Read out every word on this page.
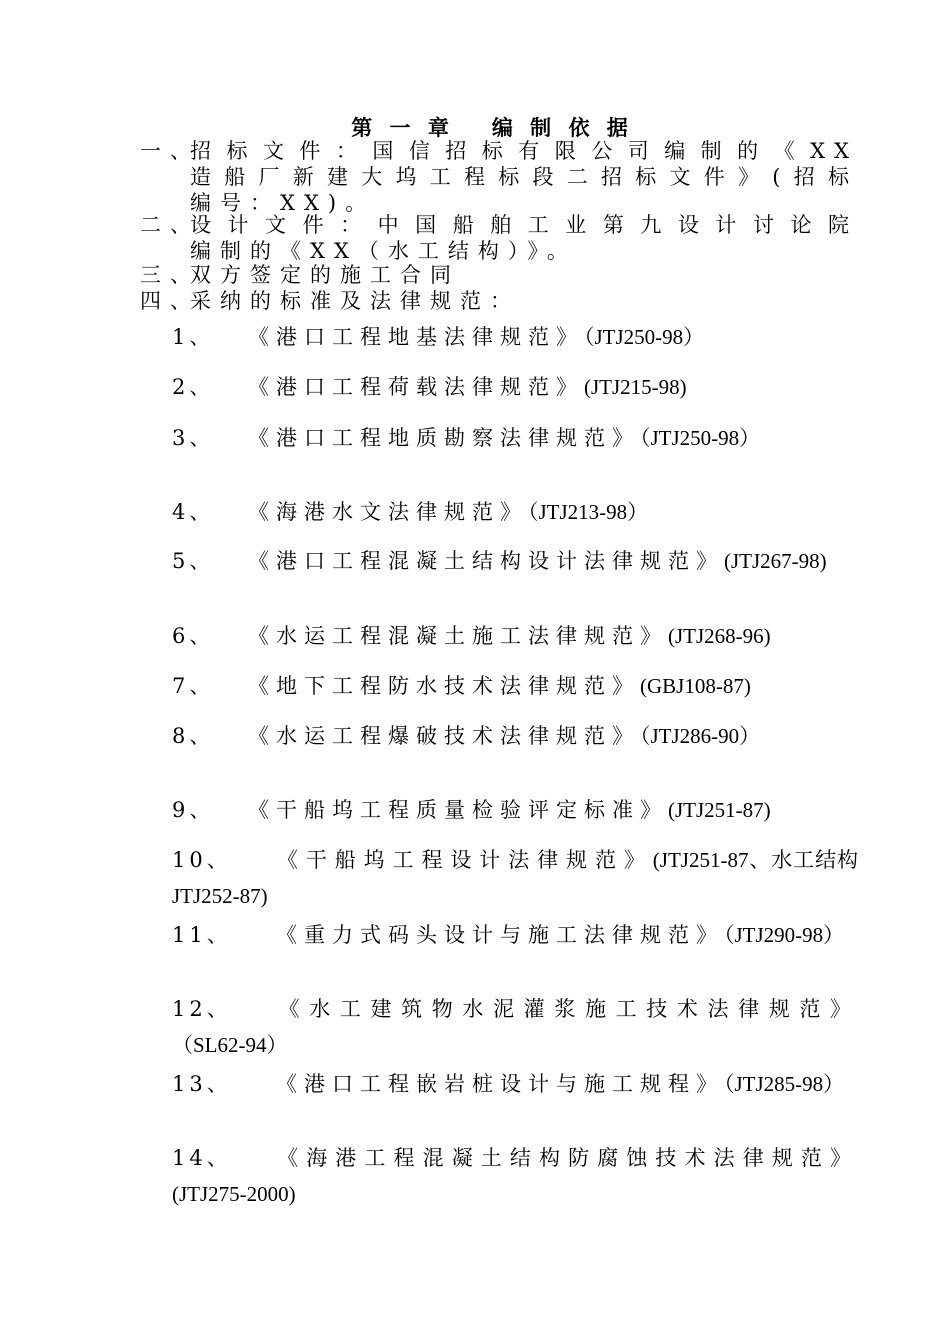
第 一 章 编 制 依 据
一、
招标文件：国信招标有限公司编制的《XX
造船厂新建大坞工程标段二招标文件》(招标
编号：XX)。
二、
设计文件：中国船舶工业第九设计讨论院
编制的《XX（水工结构）》。
三、
双方签定的施工合同
四、
采纳的标准及法律规范：
1、 《港口工程地基法律规范》（JTJ250-98）
2、 《港口工程荷载法律规范》(JTJ215-98)
3、 《港口工程地质勘察法律规范》（JTJ250-98）
4、 《海港水文法律规范》（JTJ213-98）
5、 《港口工程混凝土结构设计法律规范》(JTJ267-98)
6、 《水运工程混凝土施工法律规范》(JTJ268-96)
7、 《地下工程防水技术法律规范》(GBJ108-87)
8、 《水运工程爆破技术法律规范》（JTJ286-90）
9、 《干船坞工程质量检验评定标准》(JTJ251-87)
10、 《干船坞工程设计法律规范》(JTJ251-87、水工结构 JTJ252-87)
11、 《重力式码头设计与施工法律规范》（JTJ290-98）
12、 《水工建筑物水泥灌浆施工技术法律规范》（SL62-94）
13、 《港口工程嵌岩桩设计与施工规程》（JTJ285-98）
14、 《海港工程混凝土结构防腐蚀技术法律规范》(JTJ275-2000)
